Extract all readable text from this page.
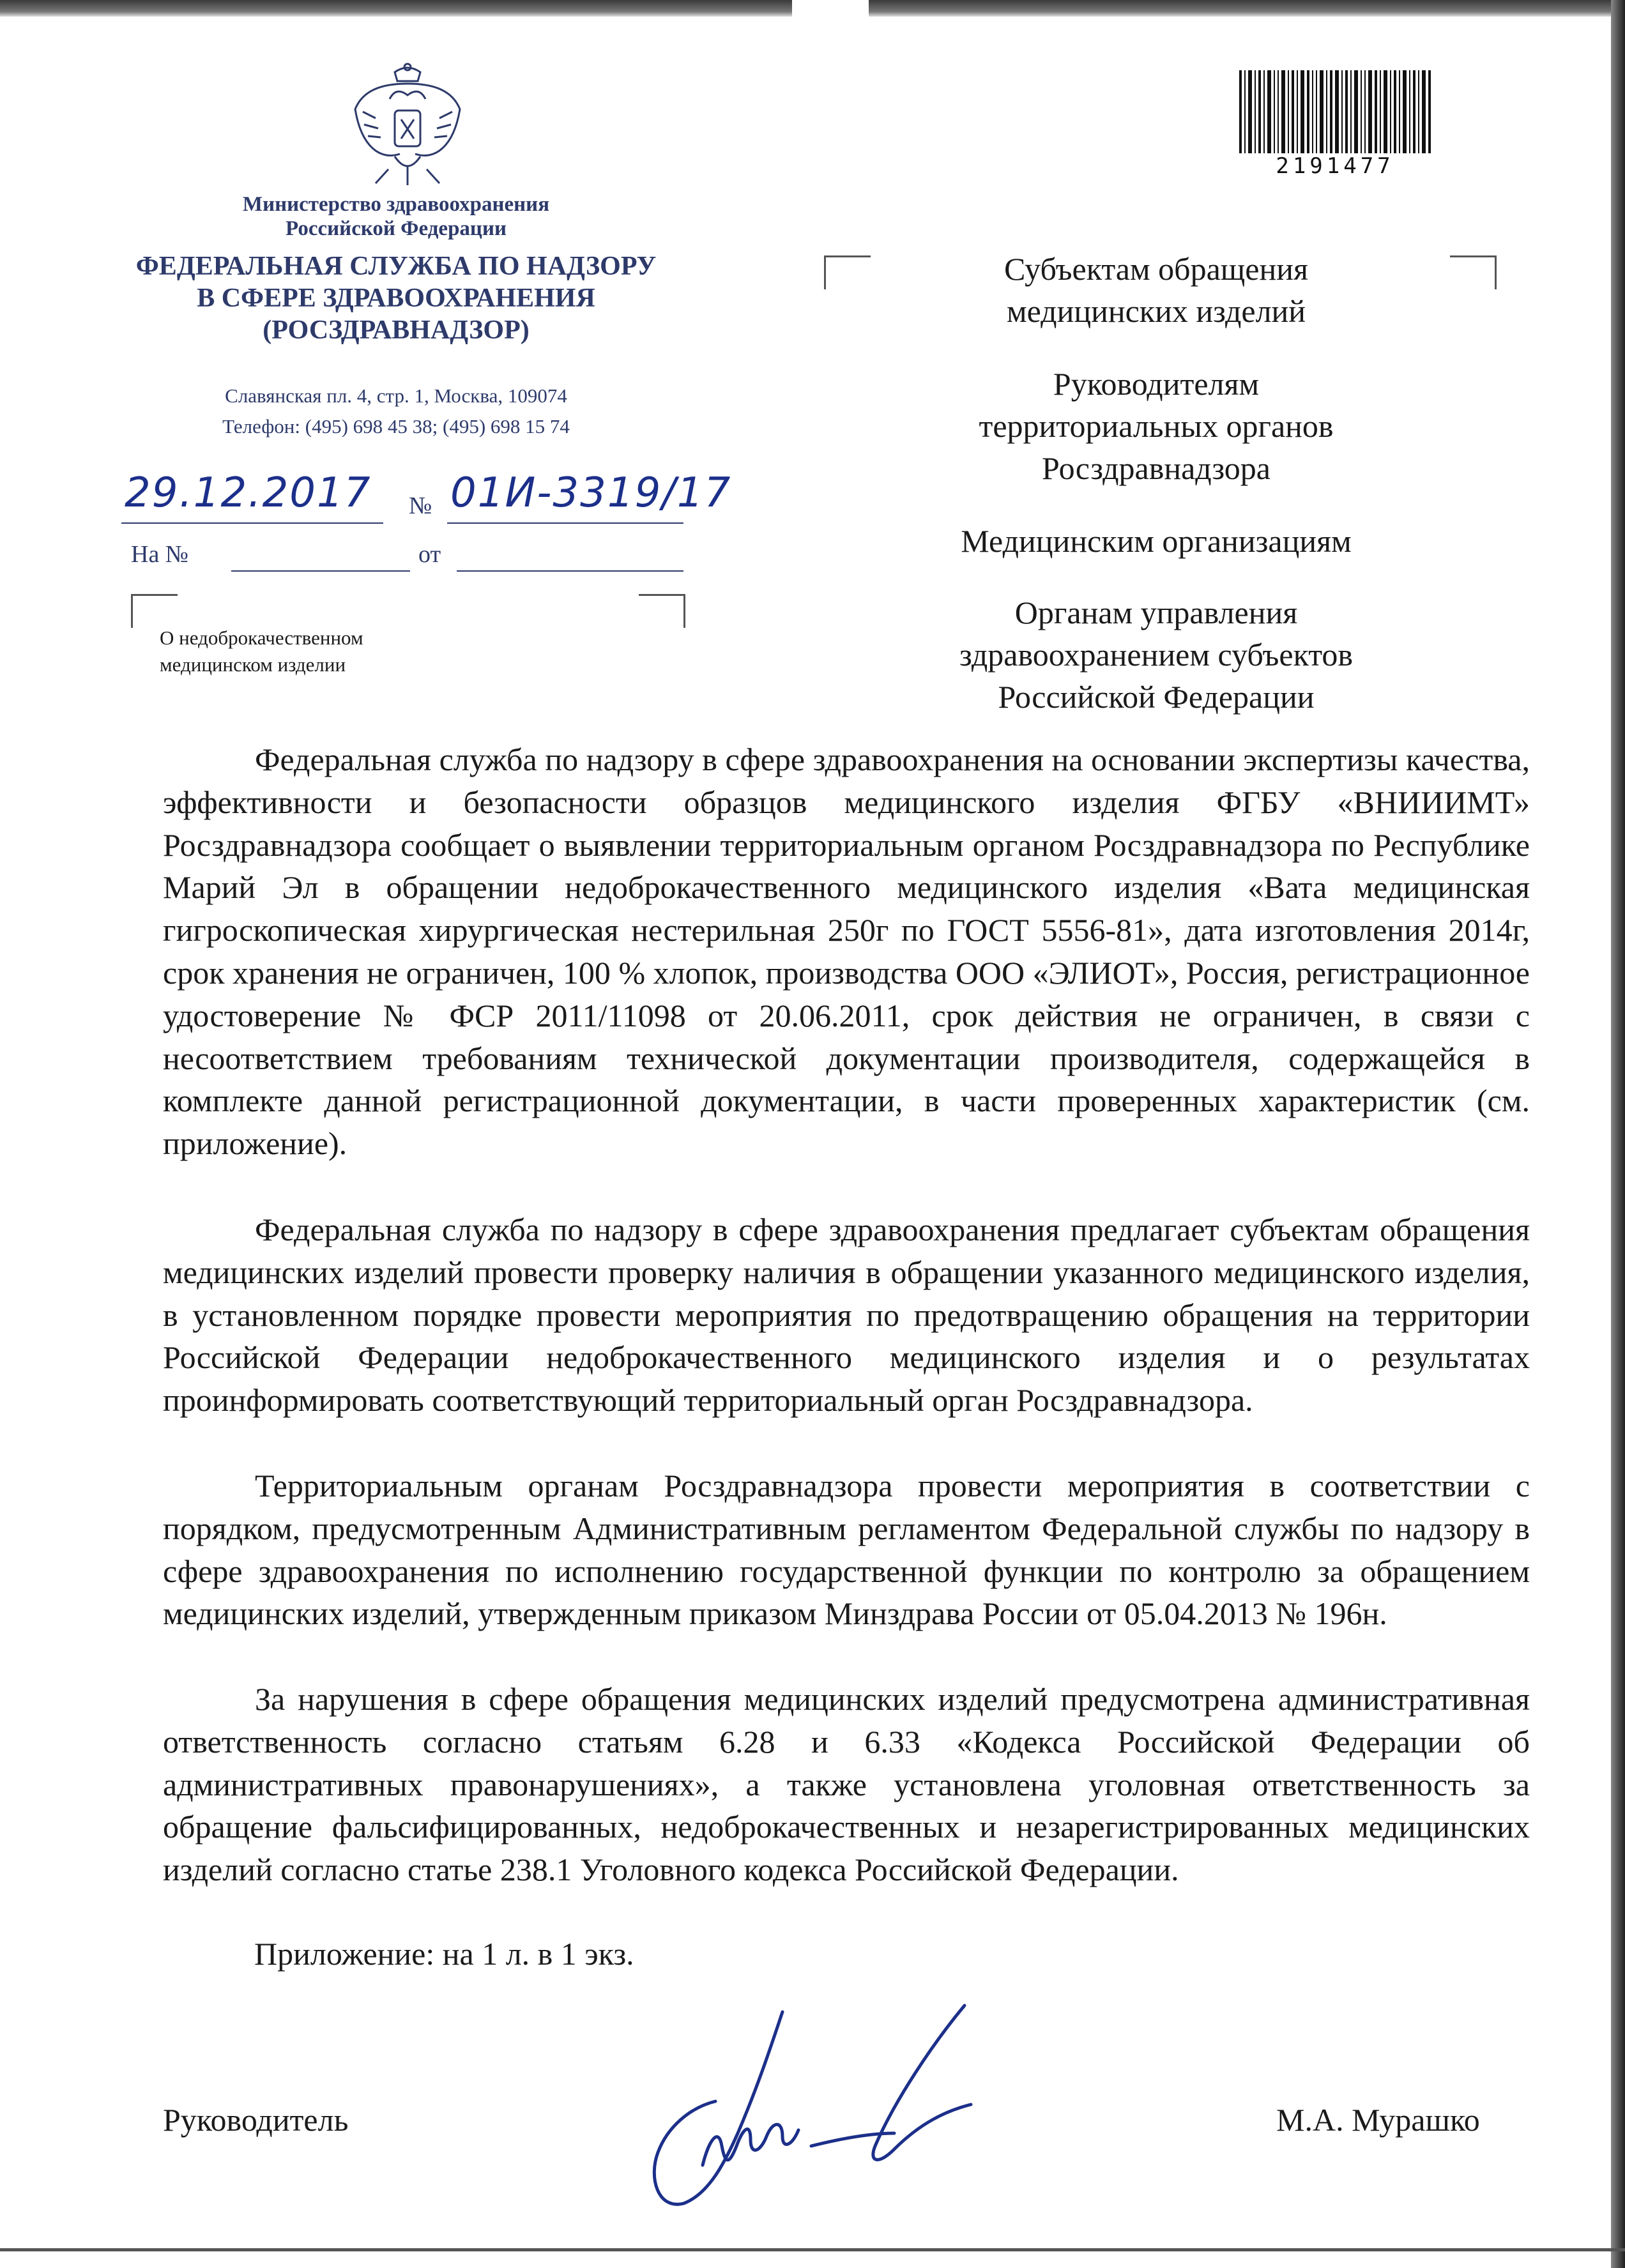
Министерство здравоохранения
Российской Федерации
ФЕДЕРАЛЬНАЯ СЛУЖБА ПО НАДЗОРУ
В СФЕРЕ ЗДРАВООХРАНЕНИЯ
(РОСЗДРАВНАДЗОР)
Славянская пл. 4, стр. 1, Москва, 109074
Телефон: (495) 698 45 38; (495) 698 15 74
29.12.2017 № 01И-3319/17
На №	от
О недоброкачественном
медицинском изделии
2191477
Субъектам обращения
медицинских изделий
Руководителям
территориальных органов
Росздравнадзора
Медицинским организациям
Органам управления
здравоохранением субъектов
Российской Федерации

Федеральная служба по надзору в сфере здравоохранения на основании экспертизы качества, эффективности и безопасности образцов медицинского изделия ФГБУ «ВНИИИМТ» Росздравнадзора сообщает о выявлении территориальным органом Росздравнадзора по Республике Марий Эл в обращении недоброкачественного медицинского изделия «Вата медицинская гигроскопическая хирургическая нестерильная 250г по ГОСТ 5556-81», дата изготовления 2014г, срок хранения не ограничен, 100 % хлопок, производства ООО «ЭЛИОТ», Россия, регистрационное удостоверение № ФСР 2011/11098 от 20.06.2011, срок действия не ограничен, в связи с несоответствием требованиям технической документации производителя, содержащейся в комплекте данной регистрационной документации, в части проверенных характеристик (см. приложение).

Федеральная служба по надзору в сфере здравоохранения предлагает субъектам обращения медицинских изделий провести проверку наличия в обращении указанного медицинского изделия, в установленном порядке провести мероприятия по предотвращению обращения на территории Российской Федерации недоброкачественного медицинского изделия и о результатах проинформировать соответствующий территориальный орган Росздравнадзора.

Территориальным органам Росздравнадзора провести мероприятия в соответствии с порядком, предусмотренным Административным регламентом Федеральной службы по надзору в сфере здравоохранения по исполнению государственной функции по контролю за обращением медицинских изделий, утвержденным приказом Минздрава России от 05.04.2013 № 196н.

За нарушения в сфере обращения медицинских изделий предусмотрена административная ответственность согласно статьям 6.28 и 6.33 «Кодекса Российской Федерации об административных правонарушениях», а также установлена уголовная ответственность за обращение фальсифицированных, недоброкачественных и незарегистрированных медицинских изделий согласно статье 238.1 Уголовного кодекса Российской Федерации.

Приложение: на 1 л. в 1 экз.
Руководитель	М.А. Мурашко
